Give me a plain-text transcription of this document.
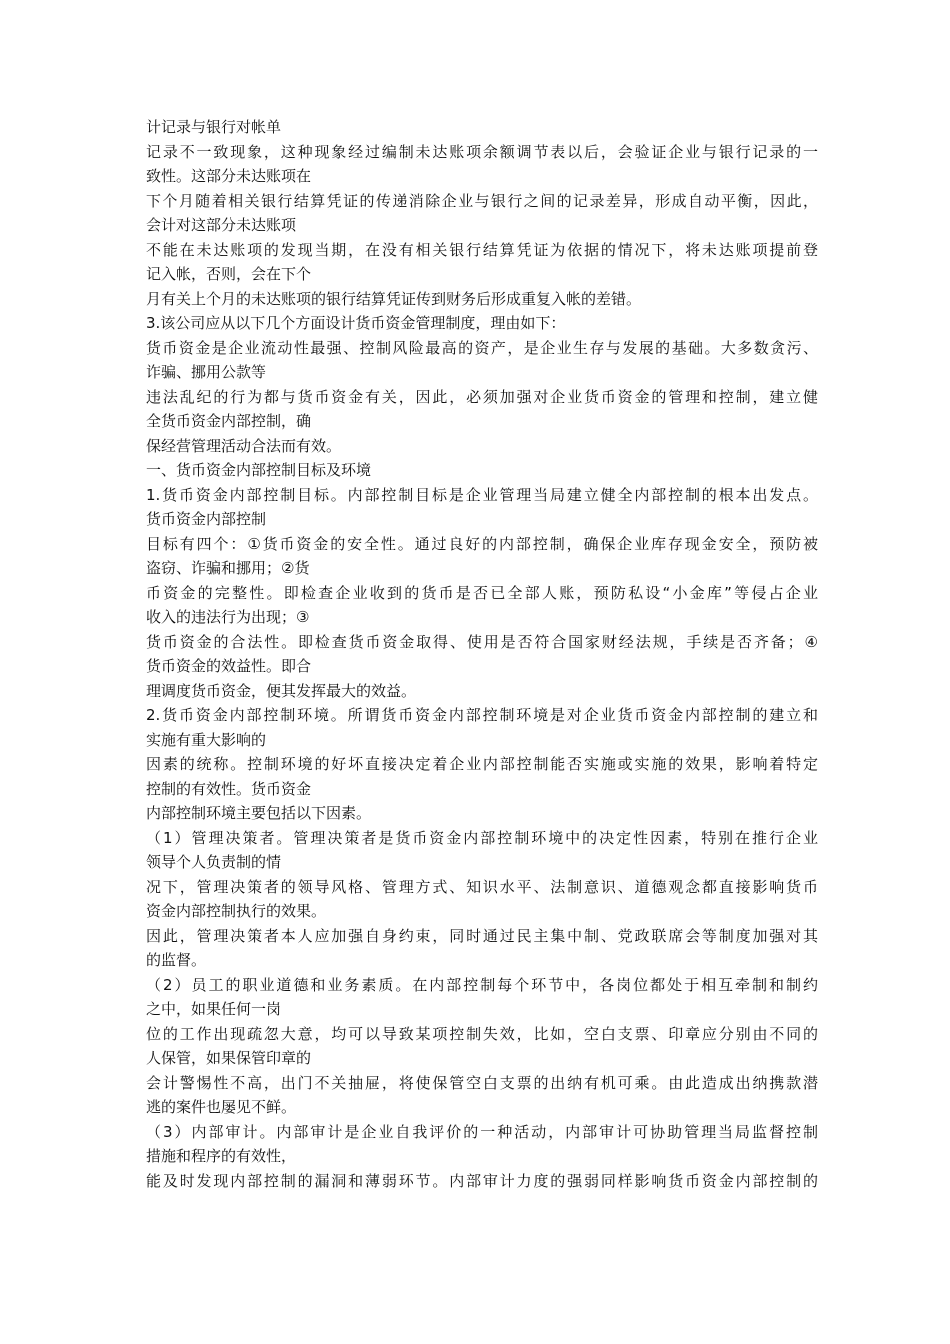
计记录与银行对帐单
记录不一致现象，这种现象经过编制未达账项余额调节表以后，会验证企业与银行记录的一
致性。这部分未达账项在
下个月随着相关银行结算凭证的传递消除企业与银行之间的记录差异，形成自动平衡，因此，
会计对这部分未达账项
不能在未达账项的发现当期，在没有相关银行结算凭证为依据的情况下，将未达账项提前登
记入帐，否则，会在下个
月有关上个月的未达账项的银行结算凭证传到财务后形成重复入帐的差错。
3.该公司应从以下几个方面设计货币资金管理制度，理由如下：
货币资金是企业流动性最强、控制风险最高的资产，是企业生存与发展的基础。大多数贪污、
诈骗、挪用公款等
违法乱纪的行为都与货币资金有关，因此，必须加强对企业货币资金的管理和控制，建立健
全货币资金内部控制，确
保经营管理活动合法而有效。
一、货币资金内部控制目标及环境
1.货币资金内部控制目标。内部控制目标是企业管理当局建立健全内部控制的根本出发点。
货币资金内部控制
目标有四个：①货币资金的安全性。通过良好的内部控制，确保企业库存现金安全，预防被
盗窃、诈骗和挪用；②货
币资金的完整性。即检查企业收到的货币是否已全部人账，预防私设“小金库”等侵占企业
收入的违法行为出现；③
货币资金的合法性。即检查货币资金取得、使用是否符合国家财经法规，手续是否齐备；④
货币资金的效益性。即合
理调度货币资金，便其发挥最大的效益。
2.货币资金内部控制环境。所谓货币资金内部控制环境是对企业货币资金内部控制的建立和
实施有重大影响的
因素的统称。控制环境的好坏直接决定着企业内部控制能否实施或实施的效果，影响着特定
控制的有效性。货币资金
内部控制环境主要包括以下因素。
（1）管理决策者。管理决策者是货币资金内部控制环境中的决定性因素，特别在推行企业
领导个人负责制的情
况下，管理决策者的领导风格、管理方式、知识水平、法制意识、道德观念都直接影响货币
资金内部控制执行的效果。
因此，管理决策者本人应加强自身约束，同时通过民主集中制、党政联席会等制度加强对其
的监督。
（2）员工的职业道德和业务素质。在内部控制每个环节中，各岗位都处于相互牵制和制约
之中，如果任何一岗
位的工作出现疏忽大意，均可以导致某项控制失效，比如，空白支票、印章应分别由不同的
人保管，如果保管印章的
会计警惕性不高，出门不关抽屉，将使保管空白支票的出纳有机可乘。由此造成出纳携款潜
逃的案件也屡见不鲜。
（3）内部审计。内部审计是企业自我评价的一种活动，内部审计可协助管理当局监督控制
措施和程序的有效性，
能及时发现内部控制的漏洞和薄弱环节。内部审计力度的强弱同样影响货币资金内部控制的
